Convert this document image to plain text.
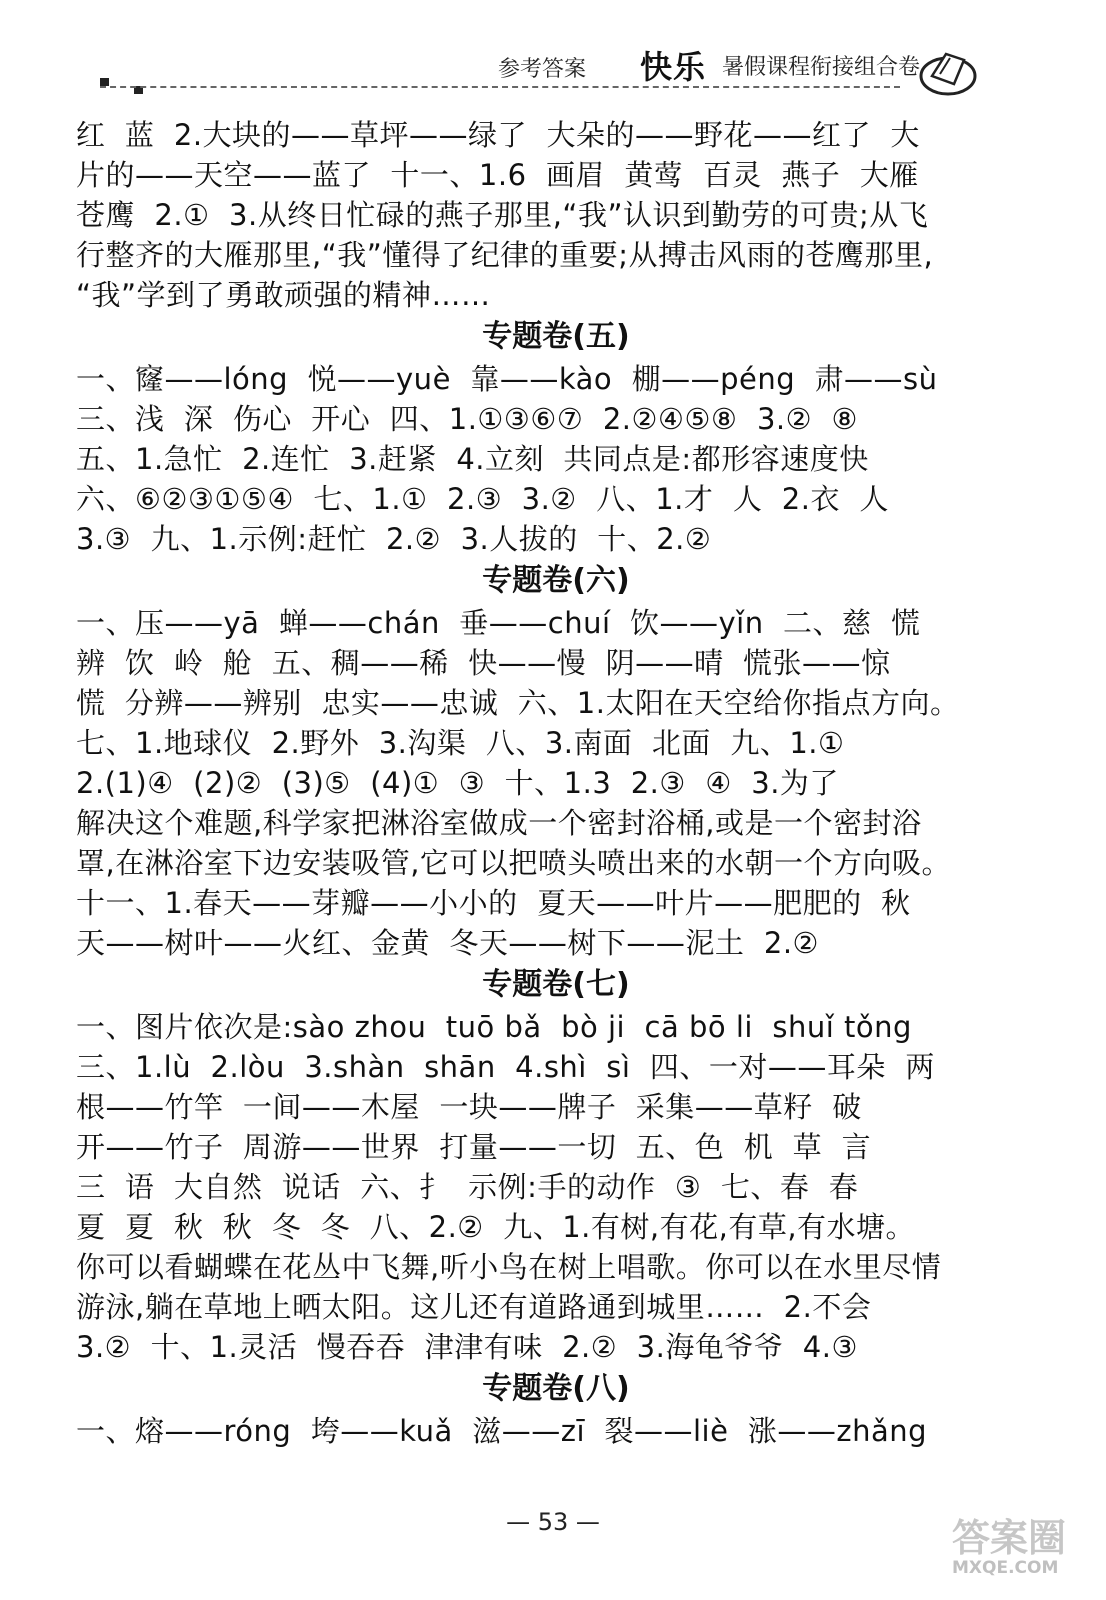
参考答案 快乐 暑假课程衔接组合卷
红  蓝  2.大块的——草坪——绿了  大朵的——野花——红了  大
片的——天空——蓝了  十一、1.6  画眉  黄莺  百灵  燕子  大雁
苍鹰  2.①  3.从终日忙碌的燕子那里,“我”认识到勤劳的可贵;从飞
行整齐的大雁那里,“我”懂得了纪律的重要;从搏击风雨的苍鹰那里,
“我”学到了勇敢顽强的精神……
专题卷(五)
一、窿——lóng  悦——yuè  靠——kào  棚——péng  肃——sù
三、浅  深  伤心  开心  四、1.①③⑥⑦  2.②④⑤⑧  3.②  ⑧
五、1.急忙  2.连忙  3.赶紧  4.立刻  共同点是:都形容速度快
六、⑥②③①⑤④  七、1.①  2.③  3.②  八、1.才  人  2.衣  人
3.③  九、1.示例:赶忙  2.②  3.人拔的  十、2.②
专题卷(六)
一、压——yā  蝉——chán  垂——chuí  饮——yǐn  二、慈  慌
辨  饮  岭  舱  五、稠——稀  快——慢  阴——晴  慌张——惊
慌  分辨——辨别  忠实——忠诚  六、1.太阳在天空给你指点方向。
七、1.地球仪  2.野外  3.沟渠  八、3.南面  北面  九、1.①
2.(1)④  (2)②  (3)⑤  (4)①  ③  十、1.3  2.③  ④  3.为了
解决这个难题,科学家把淋浴室做成一个密封浴桶,或是一个密封浴
罩,在淋浴室下边安装吸管,它可以把喷头喷出来的水朝一个方向吸。
十一、1.春天——芽瓣——小小的  夏天——叶片——肥肥的  秋
天——树叶——火红、金黄  冬天——树下——泥土  2.②
专题卷(七)
一、图片依次是:sào zhou  tuō bǎ  bò ji  cā bō li  shuǐ tǒng
三、1.lù  2.lòu  3.shàn  shān  4.shì  sì  四、一对——耳朵  两
根——竹竿  一间——木屋  一块——牌子  采集——草籽  破
开——竹子  周游——世界  打量——一切  五、色  机  草  言
三  语  大自然  说话  六、扌  示例:手的动作  ③  七、春  春
夏  夏  秋  秋  冬  冬  八、2.②  九、1.有树,有花,有草,有水塘。
你可以看蝴蝶在花丛中飞舞,听小鸟在树上唱歌。你可以在水里尽情
游泳,躺在草地上晒太阳。这儿还有道路通到城里……  2.不会
3.②  十、1.灵活  慢吞吞  津津有味  2.②  3.海龟爷爷  4.③
专题卷(八)
一、熔——róng  垮——kuǎ  滋——zī  裂——liè  涨——zhǎng
— 53 —	答案圈
MXQE.COM
